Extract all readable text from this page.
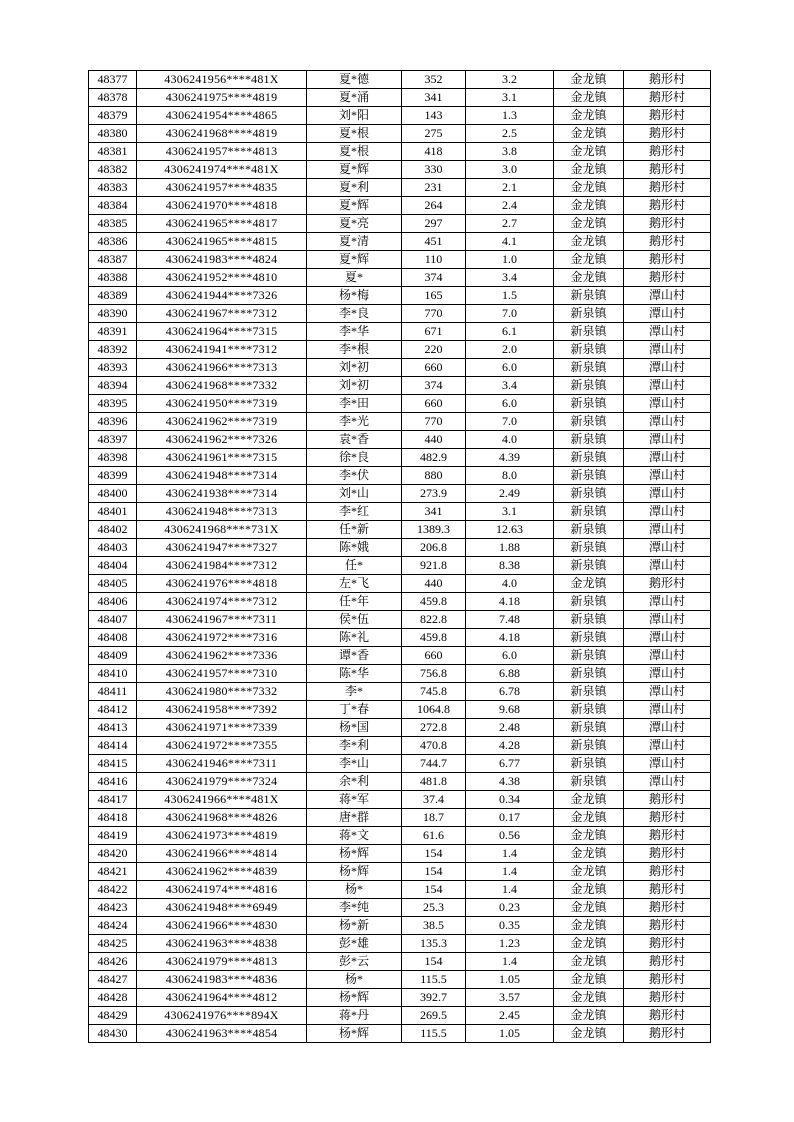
48377	4306241956****481X	夏*德	352	3.2	金龙镇	鹅形村
48378	4306241975****4819	夏*涌	341	3.1	金龙镇	鹅形村
48379	4306241954****4865	刘*阳	143	1.3	金龙镇	鹅形村
48380	4306241968****4819	夏*根	275	2.5	金龙镇	鹅形村
48381	4306241957****4813	夏*根	418	3.8	金龙镇	鹅形村
48382	4306241974****481X	夏*辉	330	3.0	金龙镇	鹅形村
48383	4306241957****4835	夏*利	231	2.1	金龙镇	鹅形村
48384	4306241970****4818	夏*辉	264	2.4	金龙镇	鹅形村
48385	4306241965****4817	夏*亮	297	2.7	金龙镇	鹅形村
48386	4306241965****4815	夏*清	451	4.1	金龙镇	鹅形村
48387	4306241983****4824	夏*辉	110	1.0	金龙镇	鹅形村
48388	4306241952****4810	夏*	374	3.4	金龙镇	鹅形村
48389	4306241944****7326	杨*梅	165	1.5	新泉镇	潭山村
48390	4306241967****7312	李*良	770	7.0	新泉镇	潭山村
48391	4306241964****7315	李*华	671	6.1	新泉镇	潭山村
48392	4306241941****7312	李*根	220	2.0	新泉镇	潭山村
48393	4306241966****7313	刘*初	660	6.0	新泉镇	潭山村
48394	4306241968****7332	刘*初	374	3.4	新泉镇	潭山村
48395	4306241950****7319	李*田	660	6.0	新泉镇	潭山村
48396	4306241962****7319	李*光	770	7.0	新泉镇	潭山村
48397	4306241962****7326	袁*香	440	4.0	新泉镇	潭山村
48398	4306241961****7315	徐*良	482.9	4.39	新泉镇	潭山村
48399	4306241948****7314	李*伏	880	8.0	新泉镇	潭山村
48400	4306241938****7314	刘*山	273.9	2.49	新泉镇	潭山村
48401	4306241948****7313	李*红	341	3.1	新泉镇	潭山村
48402	4306241968****731X	任*新	1389.3	12.63	新泉镇	潭山村
48403	4306241947****7327	陈*娥	206.8	1.88	新泉镇	潭山村
48404	4306241984****7312	任*	921.8	8.38	新泉镇	潭山村
48405	4306241976****4818	左*飞	440	4.0	金龙镇	鹅形村
48406	4306241974****7312	任*年	459.8	4.18	新泉镇	潭山村
48407	4306241967****7311	侯*伍	822.8	7.48	新泉镇	潭山村
48408	4306241972****7316	陈*礼	459.8	4.18	新泉镇	潭山村
48409	4306241962****7336	谭*香	660	6.0	新泉镇	潭山村
48410	4306241957****7310	陈*华	756.8	6.88	新泉镇	潭山村
48411	4306241980****7332	李*	745.8	6.78	新泉镇	潭山村
48412	4306241958****7392	丁*春	1064.8	9.68	新泉镇	潭山村
48413	4306241971****7339	杨*国	272.8	2.48	新泉镇	潭山村
48414	4306241972****7355	李*利	470.8	4.28	新泉镇	潭山村
48415	4306241946****7311	李*山	744.7	6.77	新泉镇	潭山村
48416	4306241979****7324	余*利	481.8	4.38	新泉镇	潭山村
48417	4306241966****481X	蒋*军	37.4	0.34	金龙镇	鹅形村
48418	4306241968****4826	唐*群	18.7	0.17	金龙镇	鹅形村
48419	4306241973****4819	蒋*文	61.6	0.56	金龙镇	鹅形村
48420	4306241966****4814	杨*辉	154	1.4	金龙镇	鹅形村
48421	4306241962****4839	杨*辉	154	1.4	金龙镇	鹅形村
48422	4306241974****4816	杨*	154	1.4	金龙镇	鹅形村
48423	4306241948****6949	李*纯	25.3	0.23	金龙镇	鹅形村
48424	4306241966****4830	杨*新	38.5	0.35	金龙镇	鹅形村
48425	4306241963****4838	彭*雄	135.3	1.23	金龙镇	鹅形村
48426	4306241979****4813	彭*云	154	1.4	金龙镇	鹅形村
48427	4306241983****4836	杨*	115.5	1.05	金龙镇	鹅形村
48428	4306241964****4812	杨*辉	392.7	3.57	金龙镇	鹅形村
48429	4306241976****894X	蒋*丹	269.5	2.45	金龙镇	鹅形村
48430	4306241963****4854	杨*辉	115.5	1.05	金龙镇	鹅形村
